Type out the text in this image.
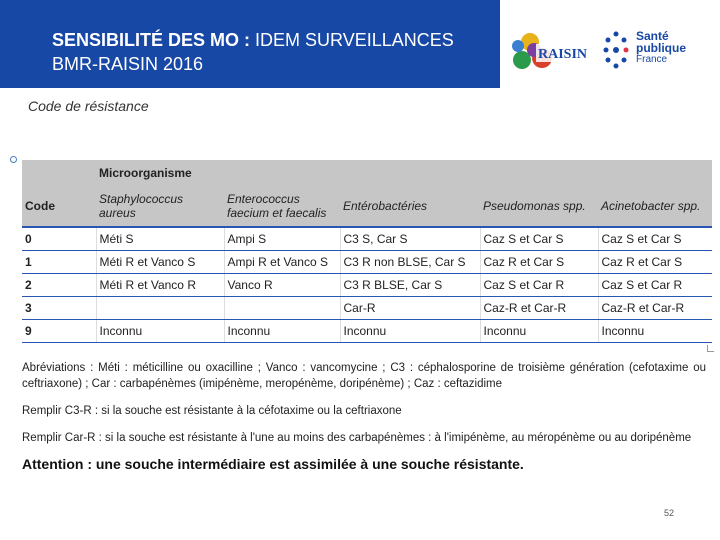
SENSIBILITÉ DES MO : IDEM SURVEILLANCES
BMR-RAISIN 2016	RAISIN
Santé
publique
France
Code de résistance
	Microorganisme				
Code	Staphylococcus aureus	Enterococcus faecium et faecalis	Entérobactéries	Pseudomonas spp.	Acinetobacter spp.
0	Méti S	Ampi S	C3 S, Car S	Caz S et Car S	Caz S et Car S
1	Méti R et Vanco S	Ampi R et Vanco S	C3 R non BLSE, Car S	Caz R et Car S	Caz R et Car S
2	Méti R et Vanco R	Vanco R	C3 R BLSE, Car S	Caz S et Car R	Caz S et Car R
3			Car-R	Caz-R et Car-R	Caz-R et Car-R
9	Inconnu	Inconnu	Inconnu	Inconnu	Inconnu
Abréviations : Méti : méticilline ou oxacilline ; Vanco : vancomycine ; C3 : céphalosporine de troisième génération (cefotaxime ou ceftriaxone) ; Car : carbapénèmes (imipénème, meropénème, doripénème) ; Caz : ceftazidime
Remplir C3-R : si la souche est résistante à la céfotaxime ou la ceftriaxone
Remplir Car-R : si la souche est résistante à l'une au moins des carbapénèmes : à l'imipénème, au méropénème ou au doripénème
Attention : une souche intermédiaire est assimilée à une souche résistante.
52
